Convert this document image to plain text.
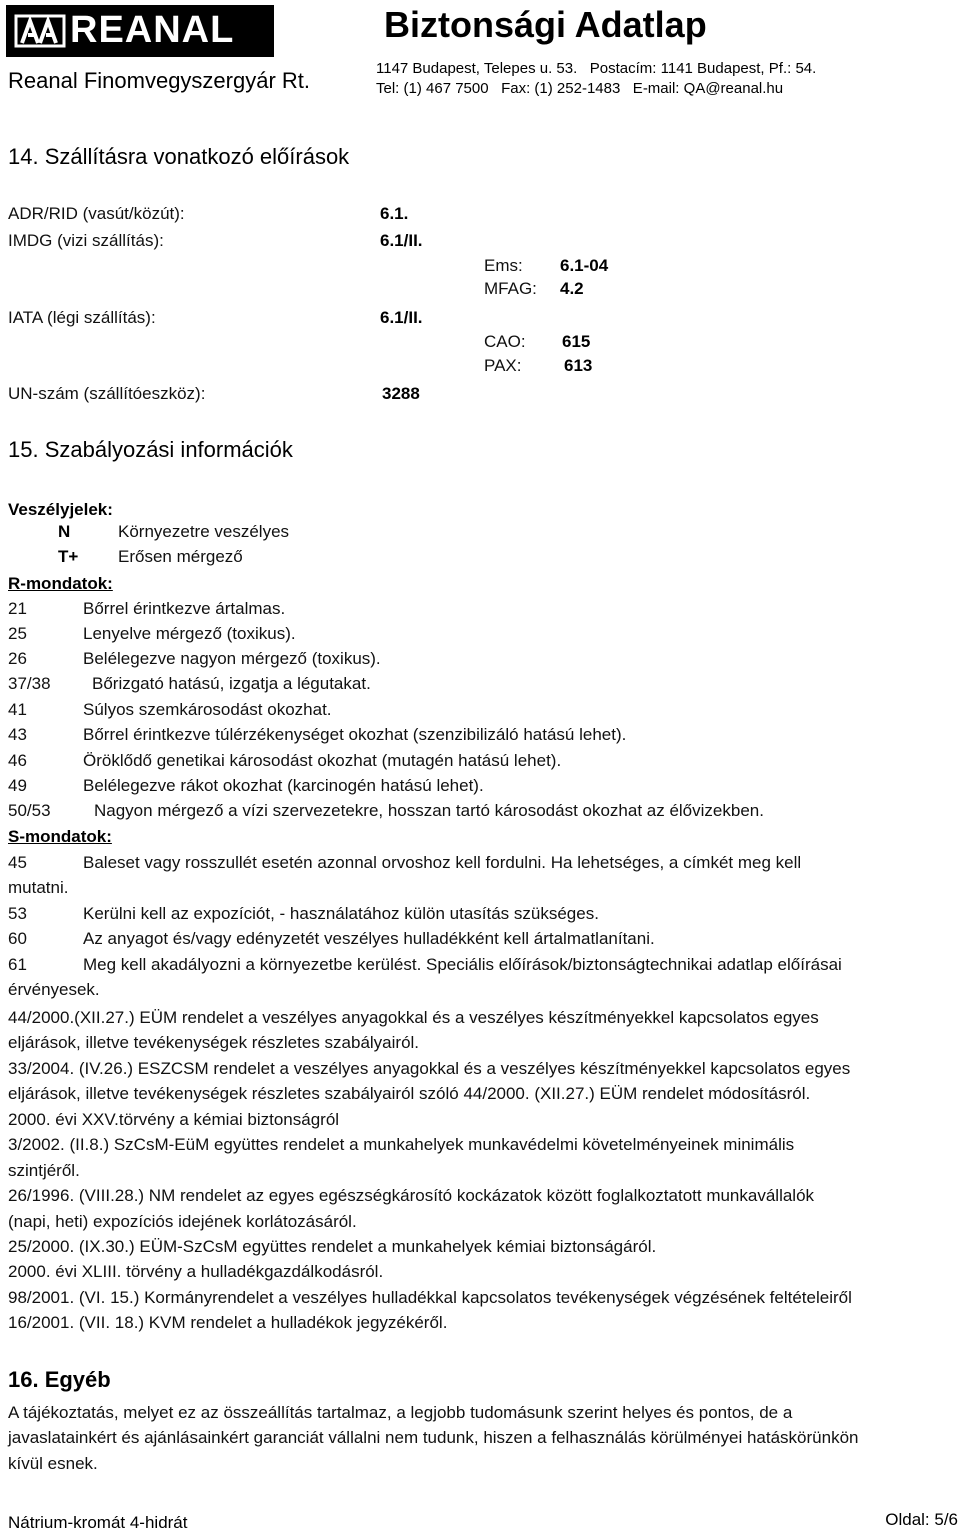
REANAL	Biztonsági Adatlap
Reanal Finomvegyszergyár Rt.	1147 Budapest, Telepes u. 53.   Postacím: 1141 Budapest, Pf.: 54.
Tel: (1) 467 7500   Fax: (1) 252-1483   E-mail: QA@reanal.hu
14. Szállításra vonatkozó előírások
ADR/RID (vasút/közút):	6.1.
IMDG (vizi szállítás):	6.1/II.
Ems: 6.1-04
MFAG: 4.2
IATA (légi szállítás):	6.1/II.
CAO: 615
PAX:	613
UN-szám (szállítóeszköz):	3288
15. Szabályozási információk
Veszélyjelek:
N	Környezetre veszélyes
T+ Erősen mérgező
R-mondatok:
21	Bőrrel érintkezve ártalmas.
25	Lenyelve mérgező (toxikus).
26	Belélegezve nagyon mérgező (toxikus).
37/38 Bőrizgató hatású, izgatja a légutakat.
41	Súlyos szemkárosodást okozhat.
43	Bőrrel érintkezve túlérzékenységet okozhat (szenzibilizáló hatású lehet).
46	Öröklődő genetikai károsodást okozhat (mutagén hatású lehet).
49	Belélegezve rákot okozhat (karcinogén hatású lehet).
50/53	Nagyon mérgező a vízi szervezetekre, hosszan tartó károsodást okozhat az élővizekben.
S-mondatok:
45	Baleset vagy rosszullét esetén azonnal orvoshoz kell fordulni. Ha lehetséges, a címkét meg kell
mutatni.
53	Kerülni kell az expozíciót, - használatához külön utasítás szükséges.
60	Az anyagot és/vagy edényzetét veszélyes hulladékként kell ártalmatlanítani.
61	Meg kell akadályozni a környezetbe kerülést. Speciális előírások/biztonságtechnikai adatlap előírásai
érvényesek.
44/2000.(XII.27.) EÜM rendelet a veszélyes anyagokkal és a veszélyes készítményekkel kapcsolatos egyes
eljárások, illetve tevékenységek részletes szabályairól.
33/2004. (IV.26.) ESZCSM rendelet a veszélyes anyagokkal és a veszélyes készítményekkel kapcsolatos egyes
eljárások, illetve tevékenységek részletes szabályairól szóló 44/2000. (XII.27.) EÜM rendelet módosításról.
2000. évi XXV.törvény a kémiai biztonságról
3/2002. (II.8.) SzCsM-EüM együttes rendelet a munkahelyek munkavédelmi követelményeinek minimális
szintjéről.
26/1996. (VIII.28.) NM rendelet az egyes egészségkárosító kockázatok között foglalkoztatott munkavállalók
(napi, heti) expozíciós idejének korlátozásáról.
25/2000. (IX.30.) EÜM-SzCsM együttes rendelet a munkahelyek kémiai biztonságáról.
2000. évi XLIII. törvény a hulladékgazdálkodásról.
98/2001. (VI. 15.) Kormányrendelet a veszélyes hulladékkal kapcsolatos tevékenységek végzésének feltételeiről
16/2001. (VII. 18.) KVM rendelet a hulladékok jegyzékéről.
16. Egyéb
A tájékoztatás, melyet ez az összeállítás tartalmaz, a legjobb tudomásunk szerint helyes és pontos, de a
javaslatainkért és ajánlásainkért garanciát vállalni nem tudunk, hiszen a felhasználás körülményei hatáskörünkön
kívül esnek.
Nátrium-kromát 4-hidrát	Oldal: 5/6
